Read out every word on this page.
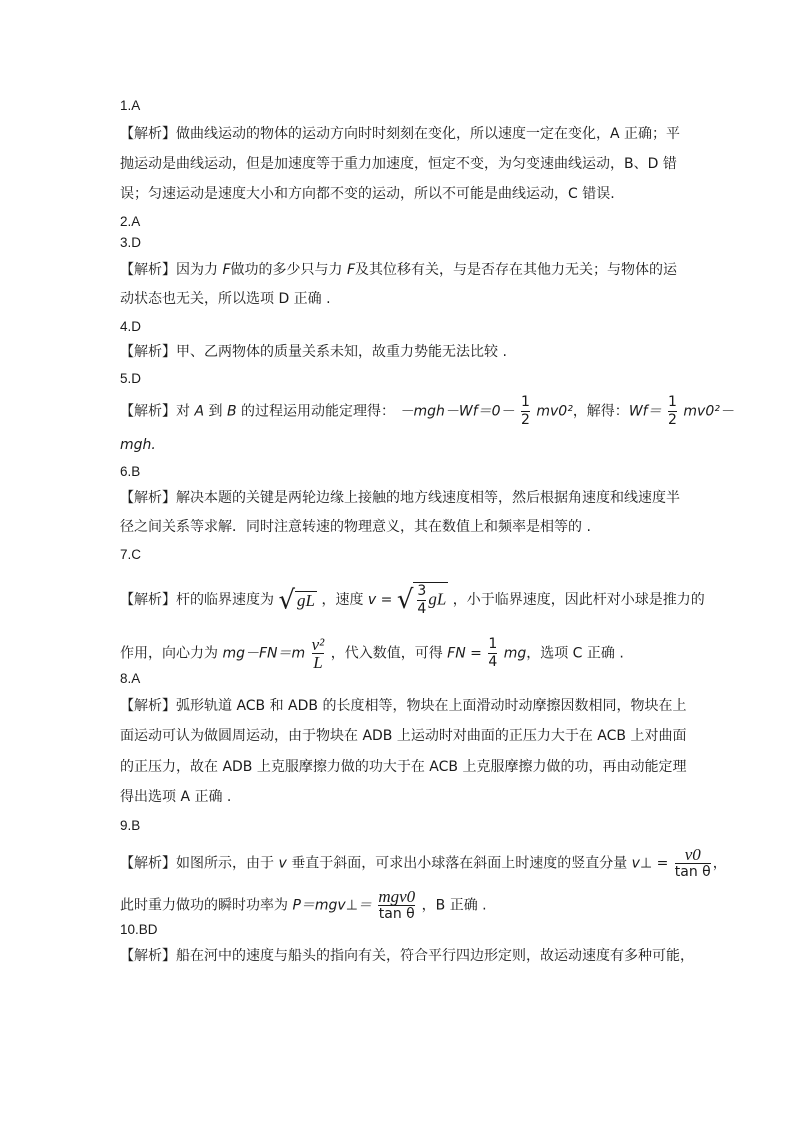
1.A
【解析】做曲线运动的物体的运动方向时时刻刻在变化，所以速度一定在变化，A 正确；平
抛运动是曲线运动，但是加速度等于重力加速度，恒定不变，为匀变速曲线运动，B、D 错
误；匀速运动是速度大小和方向都不变的运动，所以不可能是曲线运动，C 错误.
2.A
3.D
【解析】因为力 F做功的多少只与力 F及其位移有关，与是否存在其他力无关；与物体的运
动状态也无关，所以选项 D 正确 .
4.D
【解析】甲、乙两物体的质量关系未知，故重力势能无法比较 .
5.D
【解析】对 A 到 B 的过程运用动能定理得： $-mgh-Wf=0- \frac{1}{2} mv0^2$，解得：$Wf= \frac{1}{2} mv0^2-$
mgh.
6.B
【解析】解决本题的关键是两轮边缘上接触的地方线速度相等，然后根据角速度和线速度半
径之间关系等求解．同时注意转速的物理意义，其在数值上和频率是相等的 .
7.C
【解析】杆的临界速度为 √ gL ，速度 v = √ $\frac{3}{4}$ gL ，小于临界速度，因此杆对小球是推力的
作用，向心力为 $mg-FN=m \frac{\text{v²}}{L}$ ，代入数值，可得 FN = $\frac{1}{4}$ mg，选项 C 正确 .
8.A
【解析】弧形轨道 ACB 和 ADB 的长度相等，物块在上面滑动时动摩擦因数相同，物块在上
面运动可认为做圆周运动，由于物块在 ADB 上运动时对曲面的正压力大于在 ACB 上对曲面
的正压力，故在 ADB 上克服摩擦力做的功大于在 ACB 上克服摩擦力做的功，再由动能定理
得出选项 A 正确 .
9.B
【解析】如图所示，由于 v 垂直于斜面，可求出小球落在斜面上时速度的竖直分量 v⊥ = $\frac{v0}{\text{tan θ}}$ ，
此时重力做功的瞬时功率为 P＝mgv⊥＝ $\frac{\text{mgv0}}{\text{tan θ}}$ ，B 正确 .
10.BD
【解析】船在河中的速度与船头的指向有关，符合平行四边形定则，故运动速度有多种可能，
